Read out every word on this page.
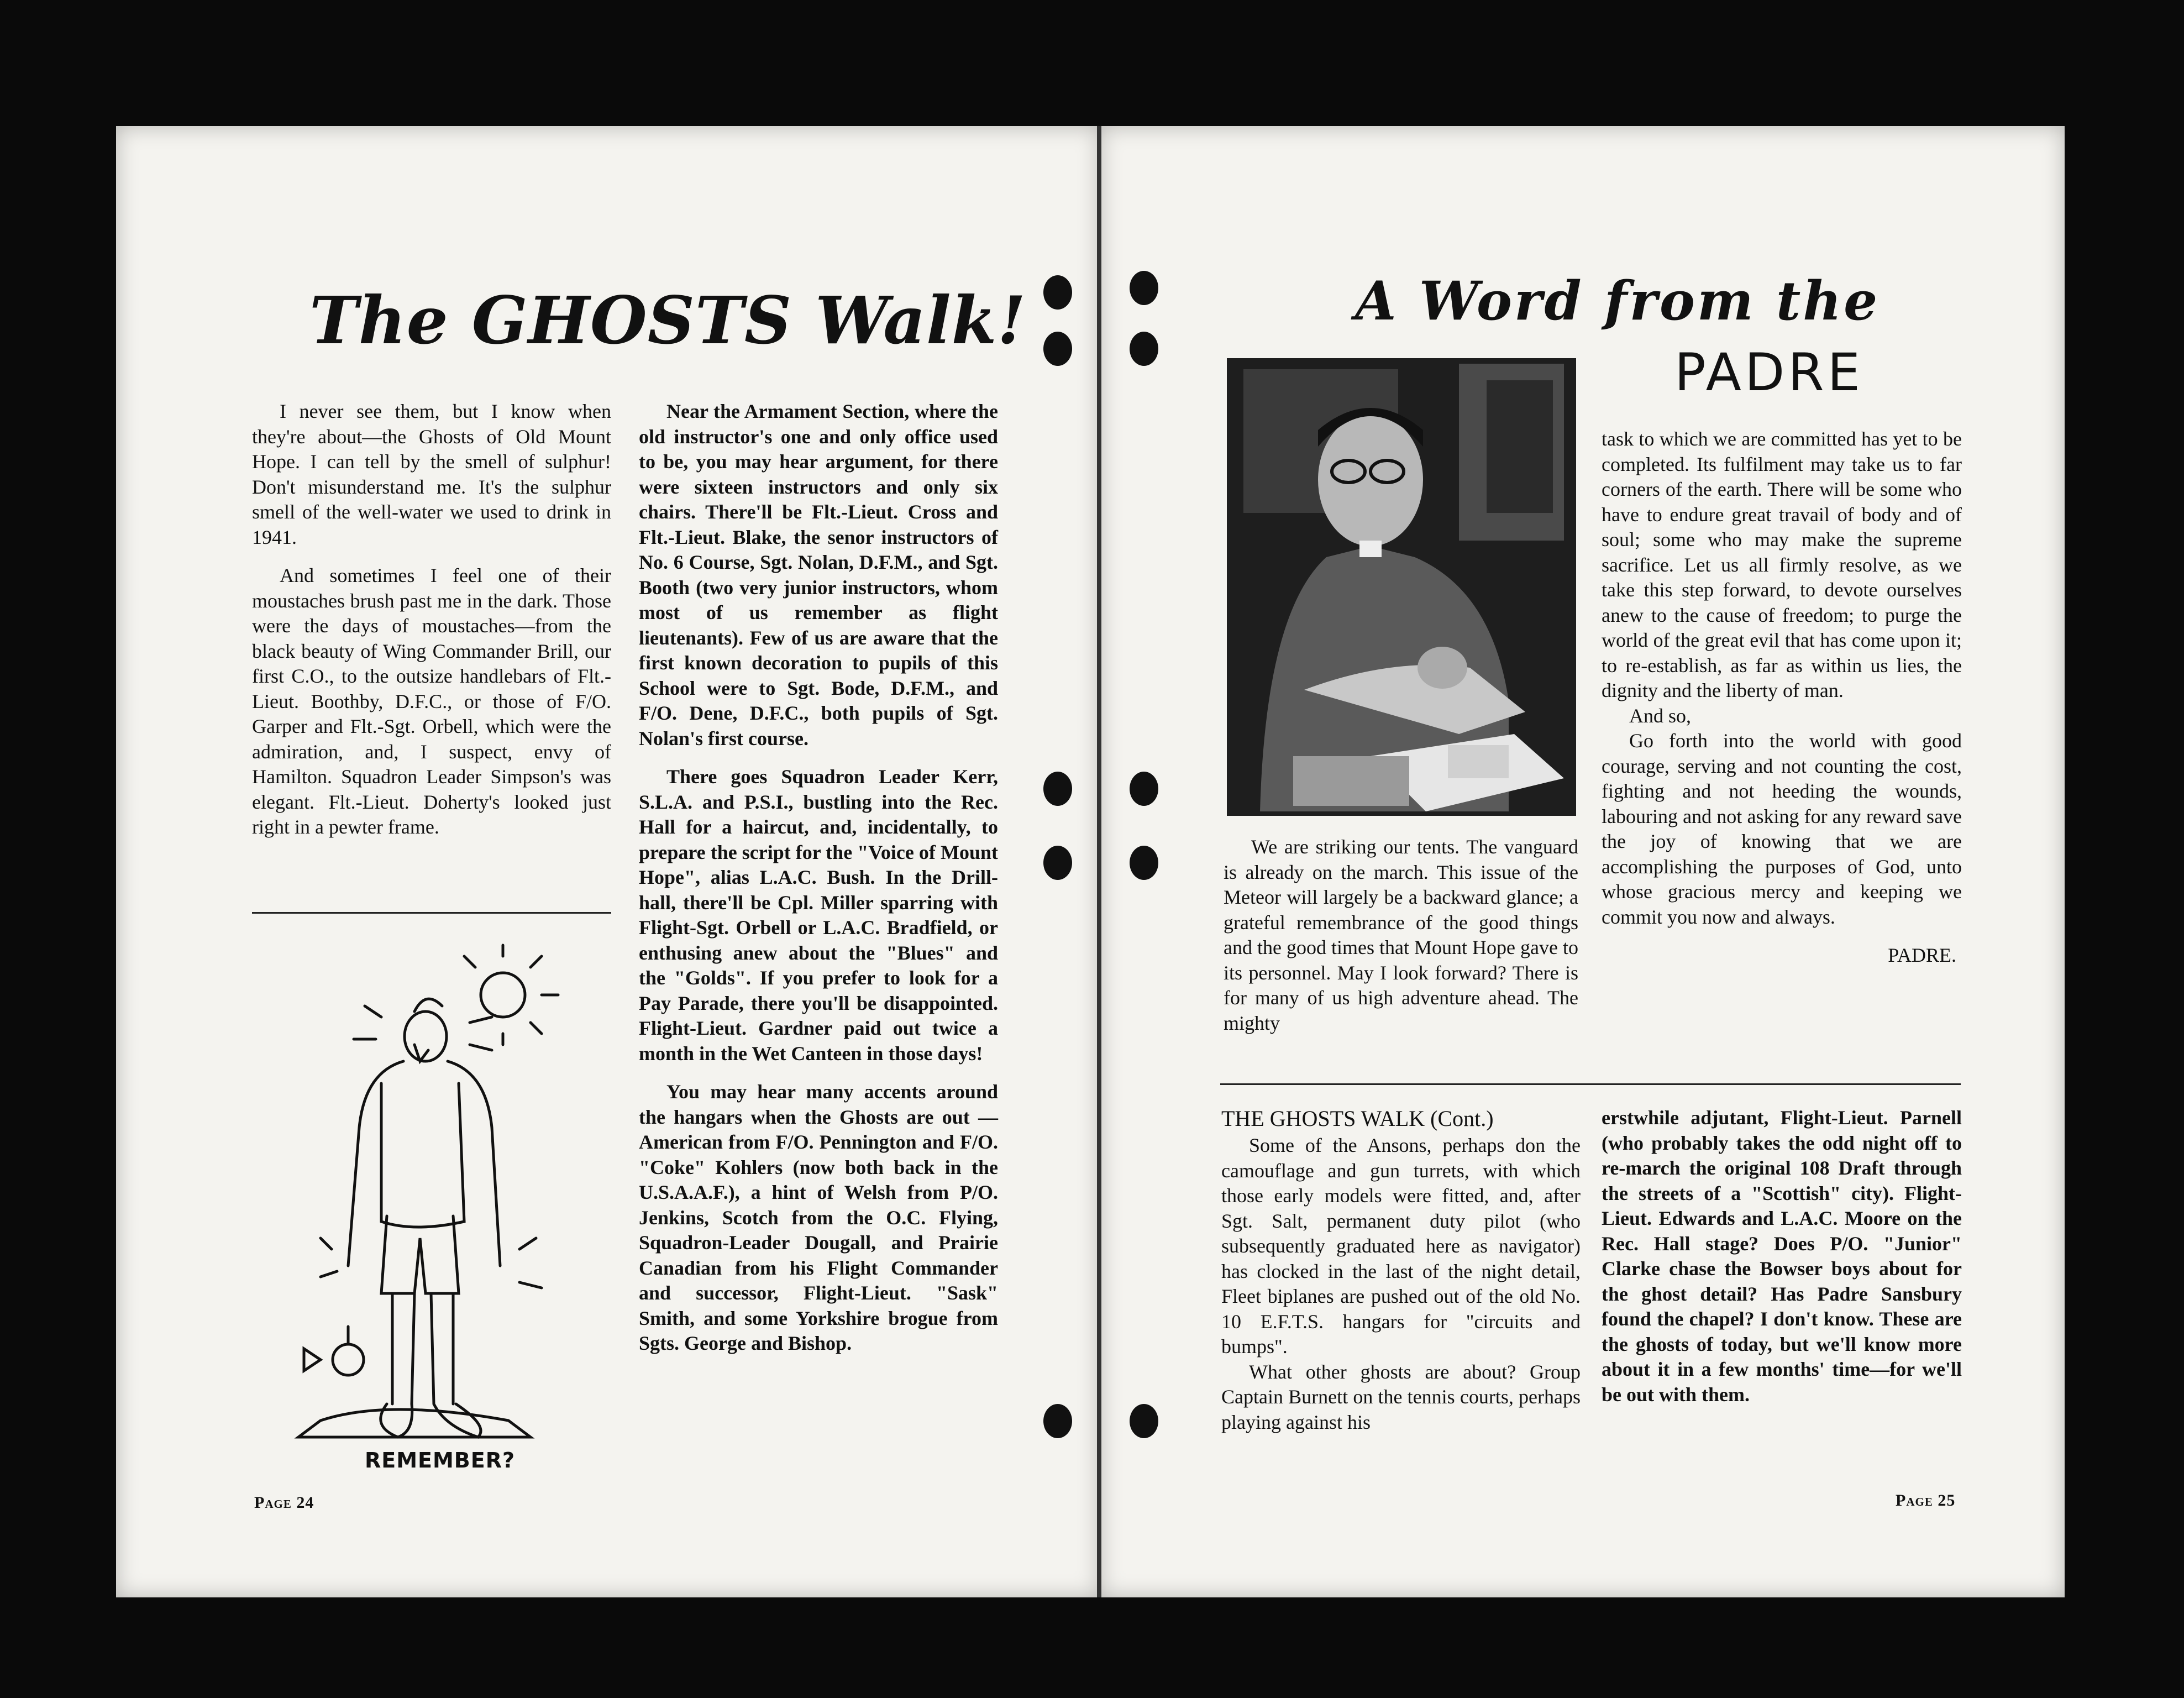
The GHOSTS Walk!

I never see them, but I know when they're about—the Ghosts of Old Mount Hope. I can tell by the smell of sulphur! Don't misunderstand me. It's the sulphur smell of the well-water we used to drink in 1941.

And sometimes I feel one of their moustaches brush past me in the dark. Those were the days of moustaches—from the black beauty of Wing Commander Brill, our first C.O., to the outsize handlebars of Flt.-Lieut. Boothby, D.F.C., or those of F/O. Garper and Flt.-Sgt. Orbell, which were the admiration, and, I suspect, envy of Hamilton. Squadron Leader Simpson's was elegant. Flt.-Lieut. Doherty's looked just right in a pewter frame.

REMEMBER?

Near the Armament Section, where the old instructor's one and only office used to be, you may hear argument, for there were sixteen instructors and only six chairs. There'll be Flt.-Lieut. Cross and Flt.-Lieut. Blake, the senor instructors of No. 6 Course, Sgt. Nolan, D.F.M., and Sgt. Booth (two very junior instructors, whom most of us remember as flight lieutenants). Few of us are aware that the first known decoration to pupils of this School were to Sgt. Bode, D.F.M., and F/O. Dene, D.F.C., both pupils of Sgt. Nolan's first course.

There goes Squadron Leader Kerr, S.L.A. and P.S.I., bustling into the Rec. Hall for a haircut, and, incidentally, to prepare the script for the "Voice of Mount Hope", alias L.A.C. Bush. In the Drill-hall, there'll be Cpl. Miller sparring with Flight-Sgt. Orbell or L.A.C. Bradfield, or enthusing anew about the "Blues" and the "Golds". If you prefer to look for a Pay Parade, there you'll be disappointed. Flight-Lieut. Gardner paid out twice a month in the Wet Canteen in those days!

You may hear many accents around the hangars when the Ghosts are out —American from F/O. Pennington and F/O. "Coke" Kohlers (now both back in the U.S.A.A.F.), a hint of Welsh from P/O. Jenkins, Scotch from the O.C. Flying, Squadron-Leader Dougall, and Prairie Canadian from his Flight Commander and successor, Flight-Lieut. "Sask" Smith, and some Yorkshire brogue from Sgts. George and Bishop.

Page 24
A Word from the
PADRE

We are striking our tents. The vanguard is already on the march. This issue of the Meteor will largely be a backward glance; a grateful remembrance of the good things and the good times that Mount Hope gave to its personnel. May I look forward? There is for many of us high adventure ahead. The mighty

task to which we are committed has yet to be completed. Its fulfilment may take us to far corners of the earth. There will be some who have to endure great travail of body and of soul; some who may make the supreme sacrifice. Let us all firmly resolve, as we take this step forward, to devote ourselves anew to the cause of freedom; to purge the world of the great evil that has come upon it; to re-establish, as far as within us lies, the dignity and the liberty of man.

And so,

Go forth into the world with good courage, serving and not counting the cost, fighting and not heeding the wounds, labouring and not asking for any reward save the joy of knowing that we are accomplishing the purposes of God, unto whose gracious mercy and keeping we commit you now and always.

PADRE.
THE GHOSTS WALK (Cont.)

Some of the Ansons, perhaps don the camouflage and gun turrets, with which those early models were fitted, and, after Sgt. Salt, permanent duty pilot (who subsequently graduated here as navigator) has clocked in the last of the night detail, Fleet biplanes are pushed out of the old No. 10 E.F.T.S. hangars for "circuits and bumps".

What other ghosts are about? Group Captain Burnett on the tennis courts, perhaps playing against his

erstwhile adjutant, Flight-Lieut. Parnell (who probably takes the odd night off to re-march the original 108 Draft through the streets of a "Scottish" city). Flight-Lieut. Edwards and L.A.C. Moore on the Rec. Hall stage? Does P/O. "Junior" Clarke chase the Bowser boys about for the ghost detail? Has Padre Sansbury found the chapel? I don't know. These are the ghosts of today, but we'll know more about it in a few months' time—for we'll be out with them.

Page 25
